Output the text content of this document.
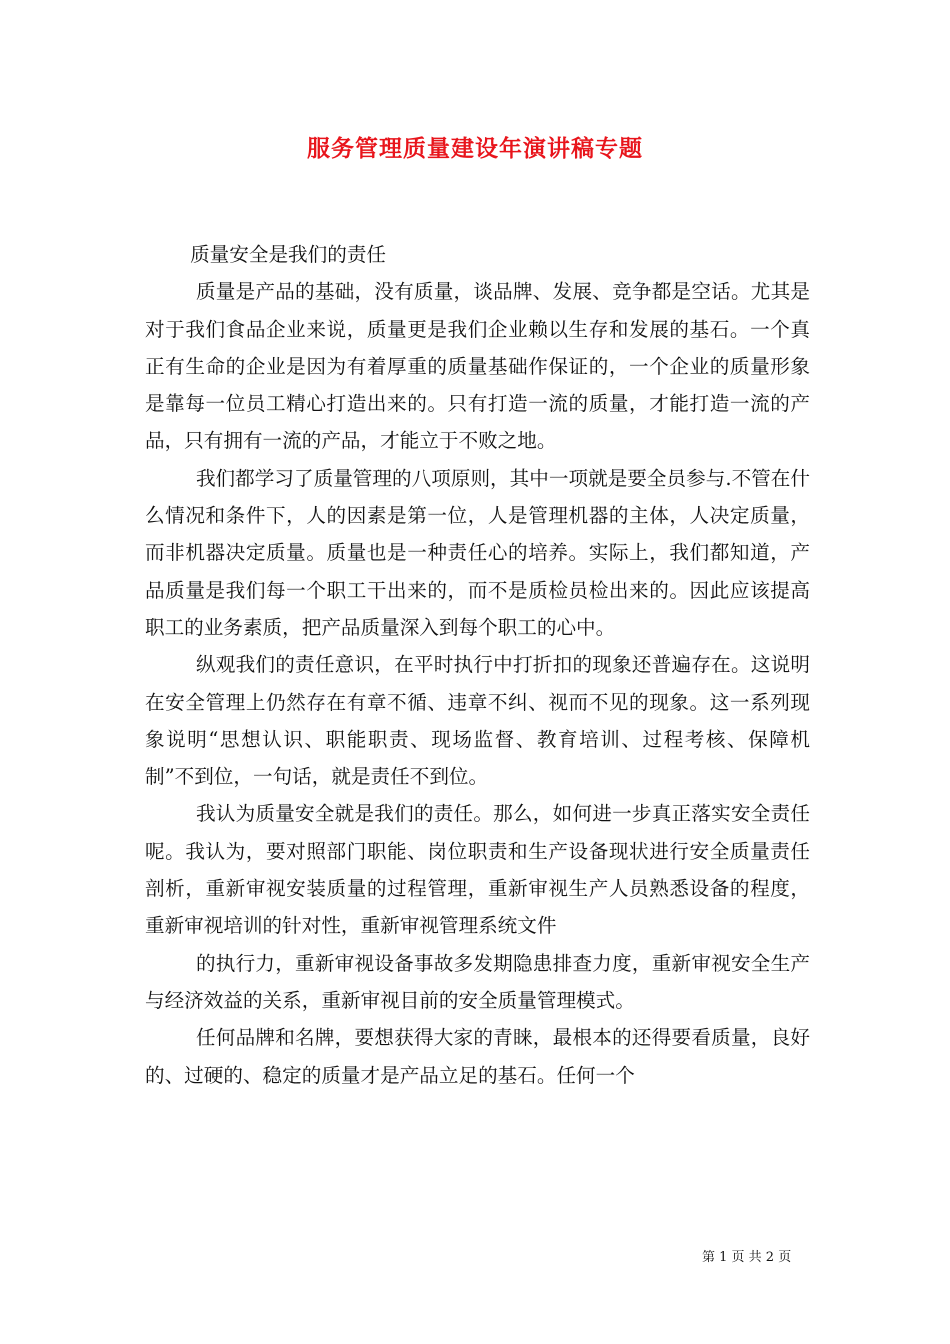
服务管理质量建设年演讲稿专题

质量安全是我们的责任

质量是产品的基础，没有质量，谈品牌、发展、竞争都是空话。尤其是对于我们食品企业来说，质量更是我们企业赖以生存和发展的基石。一个真正有生命的企业是因为有着厚重的质量基础作保证的，一个企业的质量形象是靠每一位员工精心打造出来的。只有打造一流的质量，才能打造一流的产品，只有拥有一流的产品，才能立于不败之地。

我们都学习了质量管理的八项原则，其中一项就是要全员参与.不管在什么情况和条件下，人的因素是第一位，人是管理机器的主体，人决定质量，而非机器决定质量。质量也是一种责任心的培养。实际上，我们都知道，产品质量是我们每一个职工干出来的，而不是质检员检出来的。因此应该提高职工的业务素质，把产品质量深入到每个职工的心中。

纵观我们的责任意识，在平时执行中打折扣的现象还普遍存在。这说明在安全管理上仍然存在有章不循、违章不纠、视而不见的现象。这一系列现象说明“思想认识、职能职责、现场监督、教育培训、过程考核、保障机制”不到位，一句话，就是责任不到位。

我认为质量安全就是我们的责任。那么，如何进一步真正落实安全责任呢。我认为，要对照部门职能、岗位职责和生产设备现状进行安全质量责任剖析，重新审视安装质量的过程管理，重新审视生产人员熟悉设备的程度，重新审视培训的针对性，重新审视管理系统文件

的执行力，重新审视设备事故多发期隐患排查力度，重新审视安全生产与经济效益的关系，重新审视目前的安全质量管理模式。

任何品牌和名牌，要想获得大家的青睐，最根本的还得要看质量，良好的、过硬的、稳定的质量才是产品立足的基石。任何一个

第 1 页 共 2 页
